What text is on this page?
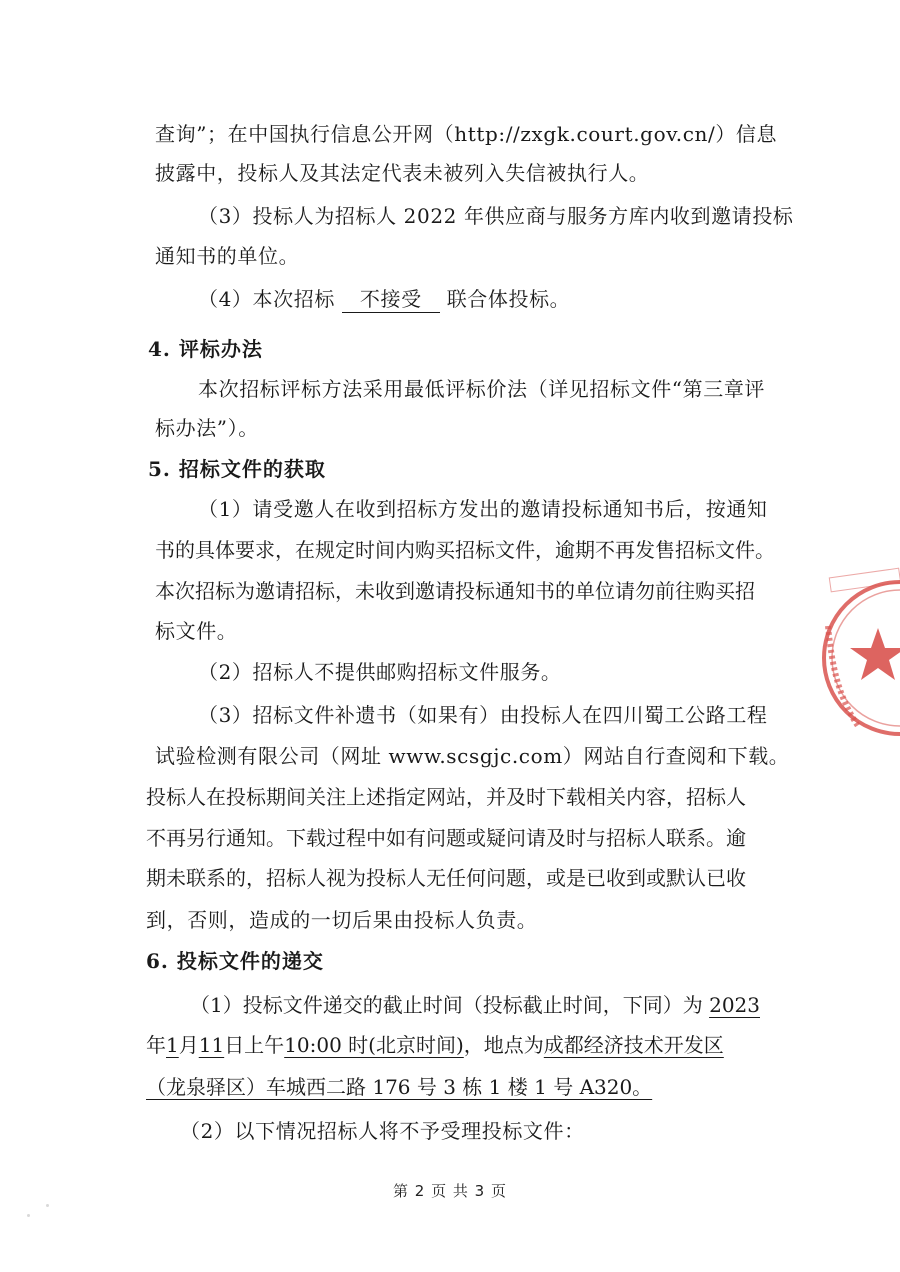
查询”；在中国执行信息公开网（http://zxgk.court.gov.cn/）信息
披露中，投标人及其法定代表未被列入失信被执行人。
（3）投标人为招标人 2022 年供应商与服务方库内收到邀请投标
通知书的单位。
（4）本次招标 不接受 联合体投标。
4. 评标办法
本次招标评标方法采用最低评标价法（详见招标文件“第三章评
标办法”）。
5. 招标文件的获取
（1）请受邀人在收到招标方发出的邀请投标通知书后，按通知
书的具体要求，在规定时间内购买招标文件，逾期不再发售招标文件。
本次招标为邀请招标，未收到邀请投标通知书的单位请勿前往购买招
标文件。
（2）招标人不提供邮购招标文件服务。
（3）招标文件补遗书（如果有）由投标人在四川蜀工公路工程
试验检测有限公司（网址 www.scsgjc.com）网站自行查阅和下载。
投标人在投标期间关注上述指定网站，并及时下载相关内容，招标人
不再另行通知。下载过程中如有问题或疑问请及时与招标人联系。逾
期未联系的，招标人视为投标人无任何问题，或是已收到或默认已收
到，否则，造成的一切后果由投标人负责。
6. 投标文件的递交
（1）投标文件递交的截止时间（投标截止时间，下同）为 2023
年1月11日上午10:00 时(北京时间)，地点为成都经济技术开发区
（龙泉驿区）车城西二路 176 号 3 栋 1 楼 1 号 A320。
（2）以下情况招标人将不予受理投标文件：
第 2 页 共 3 页
